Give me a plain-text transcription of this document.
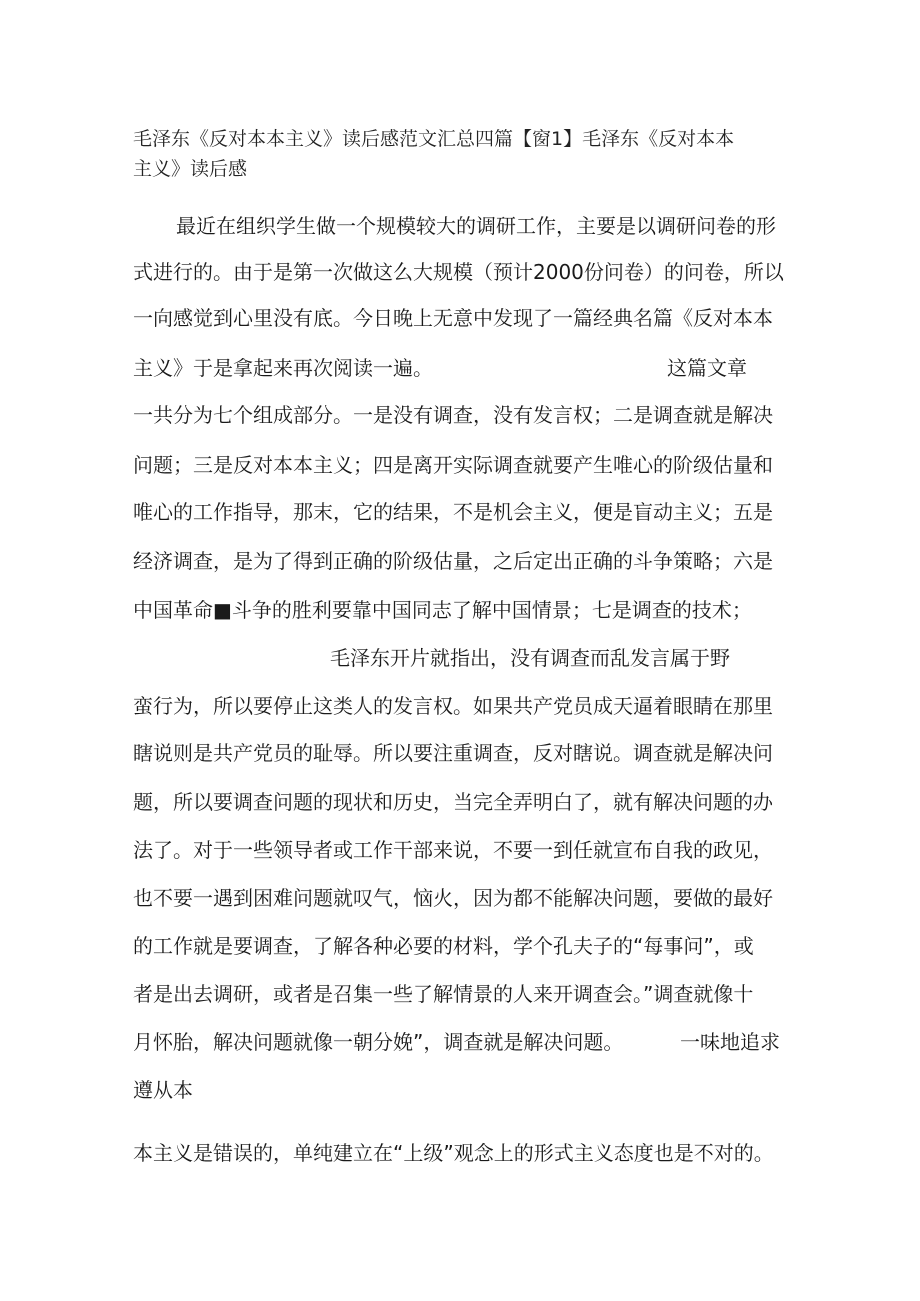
毛泽东《反对本本主义》读后感范文汇总四篇【窗1】毛泽东《反对本本
主义》读后感
最近在组织学生做一个规模较大的调研工作，主要是以调研问卷的形
式进行的。由于是第一次做这么大规模（预计2000份问卷）的问卷，所以
一向感觉到心里没有底。今日晚上无意中发现了一篇经典名篇《反对本本
主义》于是拿起来再次阅读一遍。	这篇文章
一共分为七个组成部分。一是没有调查，没有发言权；二是调查就是解决
问题；三是反对本本主义；四是离开实际调查就要产生唯心的阶级估量和
唯心的工作指导，那末，它的结果，不是机会主义，便是盲动主义；五是
经济调查，是为了得到正确的阶级估量，之后定出正确的斗争策略；六是
中国革命■斗争的胜利要靠中国同志了解中国情景；七是调查的技术；
毛泽东开片就指出，没有调查而乱发言属于野
蛮行为，所以要停止这类人的发言权。如果共产党员成天逼着眼睛在那里
瞎说则是共产党员的耻辱。所以要注重调查，反对瞎说。调查就是解决问
题，所以要调查问题的现状和历史，当完全弄明白了，就有解决问题的办
法了。对于一些领导者或工作干部来说，不要一到任就宣布自我的政见，
也不要一遇到困难问题就叹气，恼火，因为都不能解决问题，要做的最好
的工作就是要调查，了解各种必要的材料，学个孔夫子的“每事问”，或
者是出去调研，或者是召集一些了解情景的人来开调查会。”调查就像十
月怀胎，解决问题就像一朝分娩”，调查就是解决问题。	一味地追求
遵从本
本主义是错误的，单纯建立在“上级”观念上的形式主义态度也是不对的。
